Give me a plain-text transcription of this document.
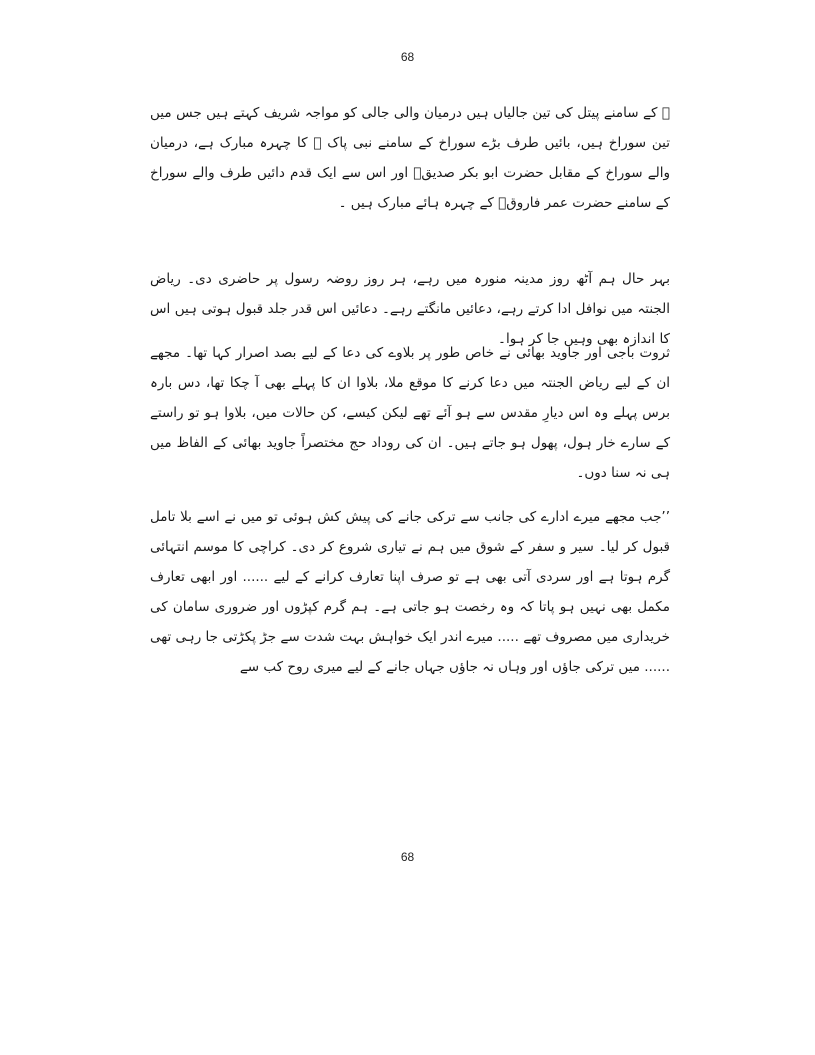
68

ﷺ کے سامنے پیتل کی تین جالیاں ہیں درمیان والی جالی کو مواجہ شریف کہتے ہیں جس میں تین سوراخ ہیں، بائیں طرف بڑے سوراخ کے سامنے نبی پاک ﷺ کا چہرہ مبارک ہے، درمیان والے سوراخ کے مقابل حضرت ابو بکر صدیقؓ اور اس سے ایک قدم دائیں طرف والے سوراخ کے سامنے حضرت عمر فاروقؓ کے چہرہ ہائے مبارک ہیں ۔

بہر حال ہم آٹھ روز مدینہ منورہ میں رہے، ہر روز روضہ رسول پر حاضری دی۔ ریاض الجنتہ میں نوافل ادا کرتے رہے، دعائیں مانگتے رہے۔ دعائیں اس قدر جلد قبول ہوتی ہیں اس کا اندازہ بھی وہیں جا کر ہوا۔

ثروت باجی اور جاوید بھائی نے خاص طور پر بلاوے کی دعا کے لیے بصد اصرار کہا تھا۔ مجھے ان کے لیے ریاض الجنتہ میں دعا کرنے کا موقع ملا، بلاوا ان کا پہلے بھی آ چکا تھا، دس بارہ برس پہلے وہ اس دیارِ مقدس سے ہو آئے تھے لیکن کیسے، کن حالات میں، بلاوا ہو تو راستے کے سارے خار ہول، پھول ہو جاتے ہیں۔ ان کی روداد حج مختصراً جاوید بھائی کے الفاظ میں ہی نہ سنا دوں۔

’’جب مجھے میرے ادارے کی جانب سے ترکی جانے کی پیش کش ہوئی تو میں نے اسے بلا تامل قبول کر لیا۔ سیر و سفر کے شوق میں ہم نے تیاری شروع کر دی۔ کراچی کا موسم انتہائی گرم ہوتا ہے اور سردی آتی بھی ہے تو صرف اپنا تعارف کرانے کے لیے ...... اور ابھی تعارف مکمل بھی نہیں ہو پاتا کہ وہ رخصت ہو جاتی ہے۔ ہم گرم کپڑوں اور ضروری سامان کی خریداری میں مصروف تھے ..... میرے اندر ایک خواہش بہت شدت سے جڑ پکڑتی جا رہی تھی ...... میں ترکی جاؤں اور وہاں نہ جاؤں جہاں جانے کے لیے میری روح کب سے

68
